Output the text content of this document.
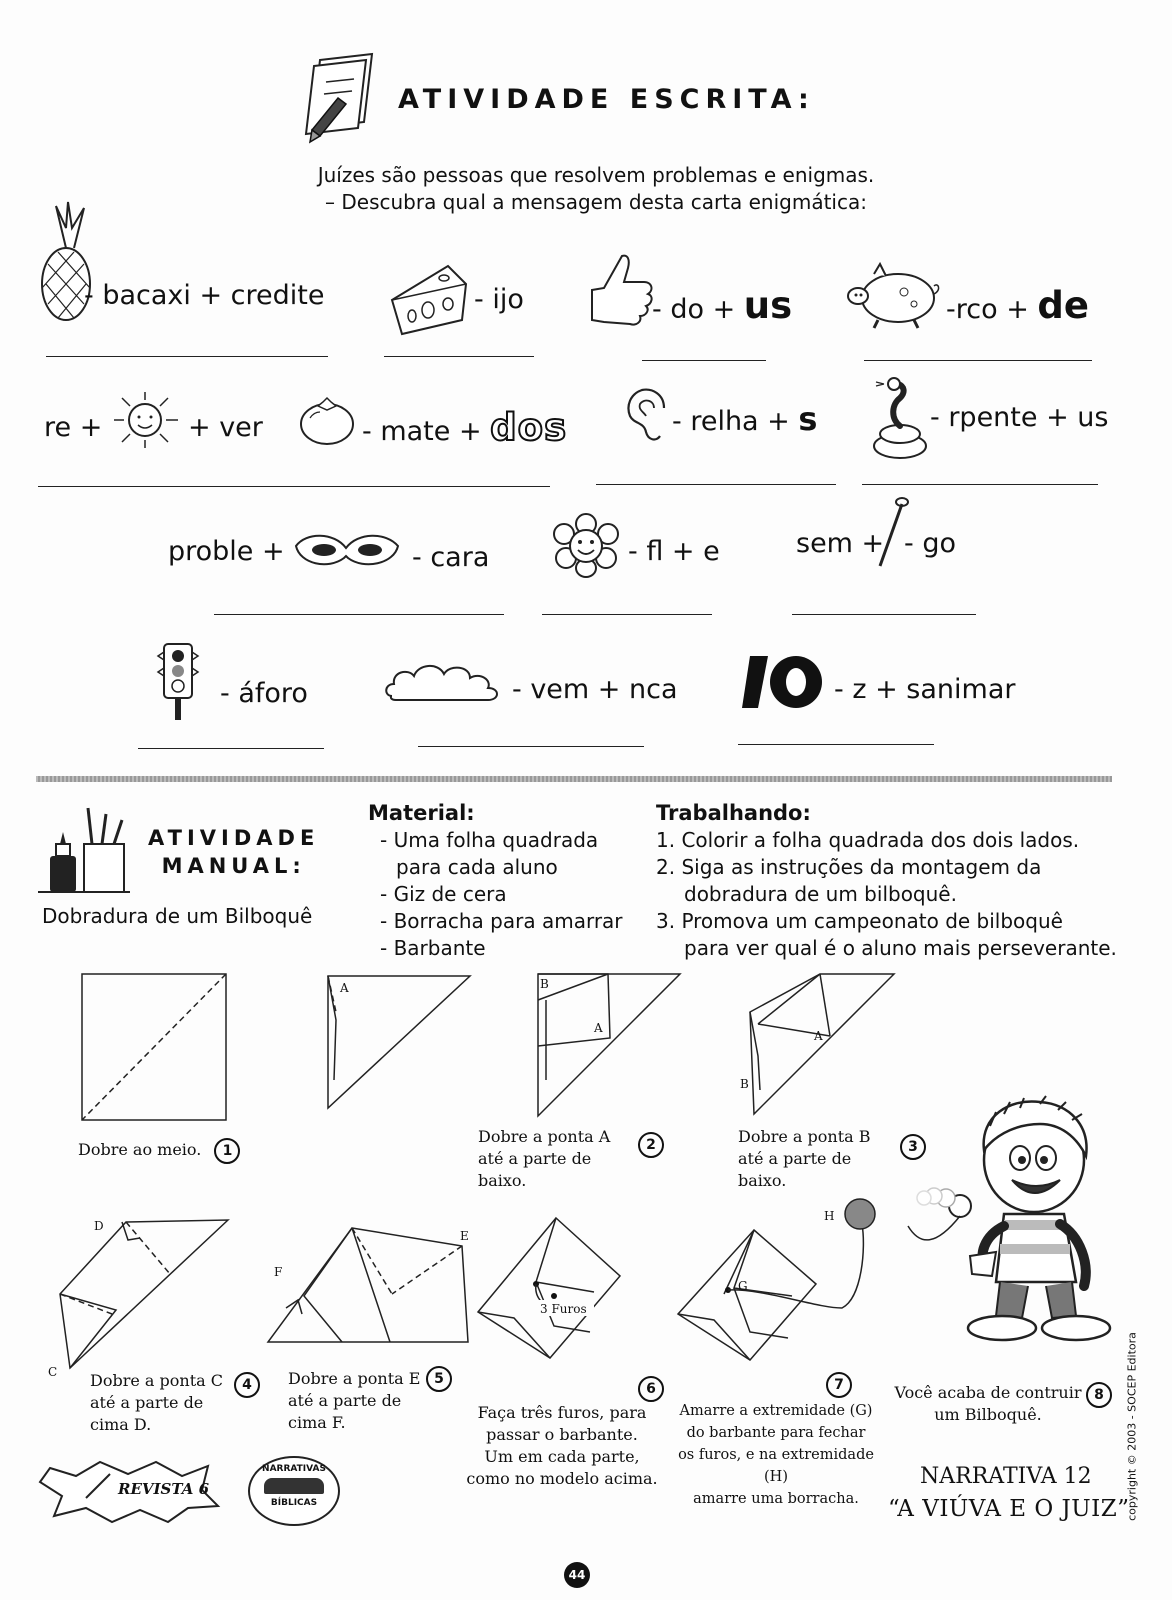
ATIVIDADE ESCRITA:
Juízes são pessoas que resolvem problemas e enigmas.
– Descubra qual a mensagem desta carta enigmática:
- bacaxi + credite	- ijo	- do + us	-rco + de
re +	+ ver	- mate + dos	- relha + s	- rpente + us
proble +	- cara	- fl + e	sem + - go
- áforo	- vem + nca	- z + sanimar
ATIVIDADE
MANUAL:
Dobradura de um Bilboquê
Material:
- Uma folha quadrada
para cada aluno
- Giz de cera
- Borracha para amarrar
- Barbante
Trabalhando:
1. Colorir a folha quadrada dos dois lados.
2. Siga as instruções da montagem da
dobradura de um bilboquê.
3. Promova um campeonato de bilboquê
para ver qual é o aluno mais perseverante.
Dobre ao meio. 1
A
Dobre a ponta A
até a parte de
baixo.
2
B
A
A
B
Dobre a ponta B
até a parte de
baixo.
3
D
C Dobre a ponta C
até a parte de
cima D.
4
E
F
Dobre a ponta E
até a parte de
cima F.
5
3 Furos
6
Faça três furos, para
passar o barbante.
Um em cada parte,
como no modelo acima.
G
H
7
Amarre a extremidade (G)
do barbante para fechar
os furos, e na extremidade (H)
amarre uma borracha.
Você acaba de contruir
um Bilboquê.
8	copyright © 2003 - SOCEP Editora
REVISTA 6
NARRATIVAS
BÍBLICAS
NARRATIVA 12
“A VIÚVA E O JUIZ”
44
